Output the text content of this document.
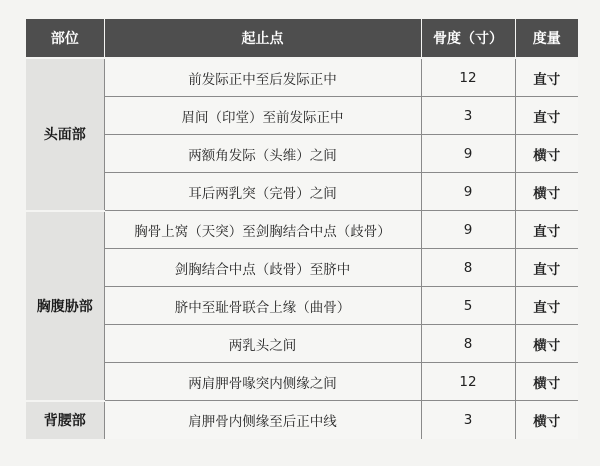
部位	起止点	骨度（寸）	度量
头面部	前发际正中至后发际正中	12	直寸
	眉间（印堂）至前发际正中	3	直寸
	两额角发际（头维）之间	9	横寸
	耳后两乳突（完骨）之间	9	横寸
胸腹胁部	胸骨上窝（天突）至剑胸结合中点（歧骨）	9	直寸
	剑胸结合中点（歧骨）至脐中	8	直寸
	脐中至耻骨联合上缘（曲骨）	5	直寸
	两乳头之间	8	横寸
	两肩胛骨喙突内侧缘之间	12	横寸
背腰部	肩胛骨内侧缘至后正中线	3	横寸
